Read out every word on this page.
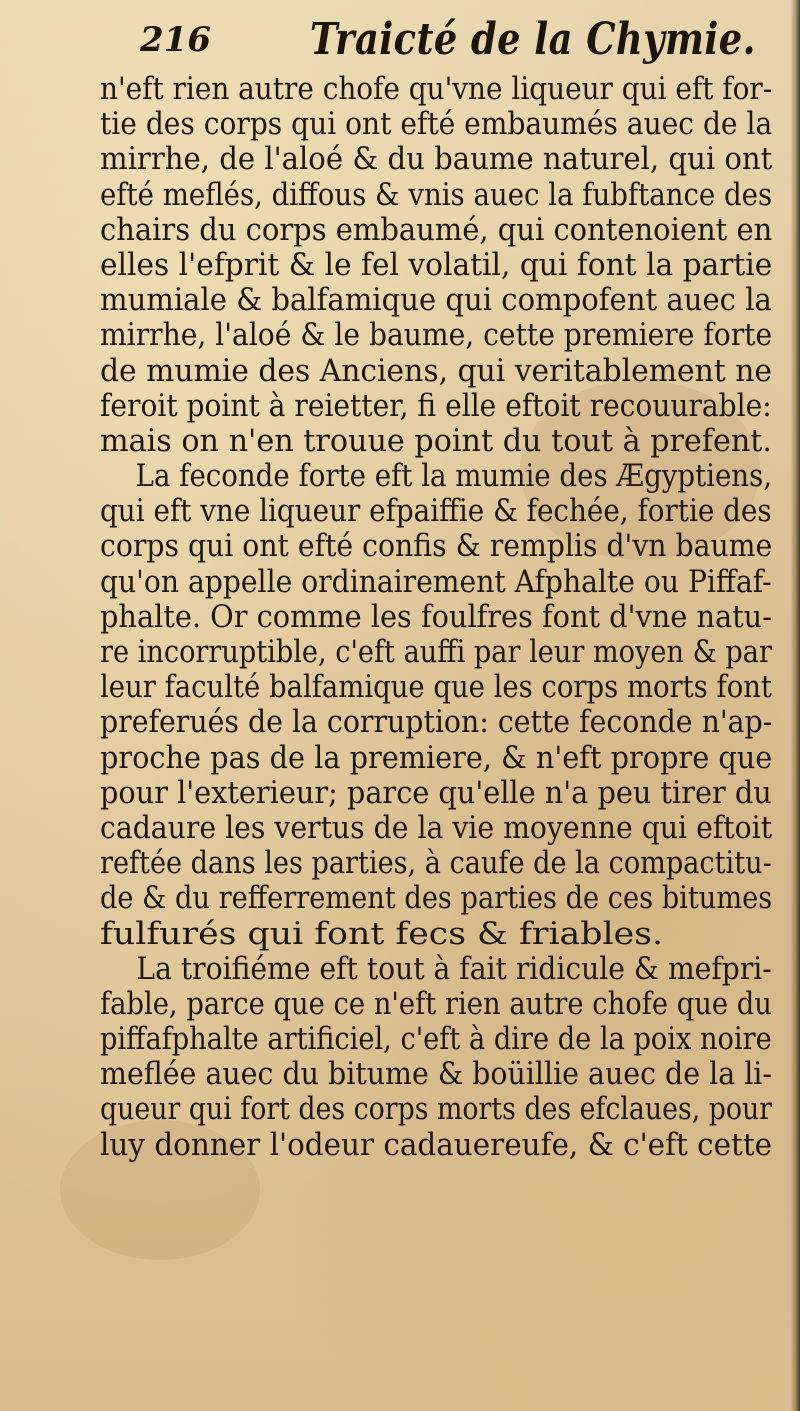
216 Traicté de la Chymie.
n'eft rien autre chofe qu'vne liqueur qui eft for-
tie des corps qui ont efté embaumés auec de la
mirrhe, de l'aloé & du baume naturel, qui ont
efté meflés, diffous & vnis auec la fubftance des
chairs du corps embaumé, qui contenoient en
elles l'efprit & le fel volatil, qui font la partie
mumiale & balfamique qui compofent auec la
mirrhe, l'aloé & le baume, cette premiere forte
de mumie des Anciens, qui veritablement ne
feroit point à reietter, fi elle eftoit recouurable:
mais on n'en trouue point du tout à prefent.
La feconde forte eft la mumie des Ægyptiens,
qui eft vne liqueur efpaiffie & fechée, fortie des
corps qui ont efté confis & remplis d'vn baume
qu'on appelle ordinairement Afphalte ou Piffaf-
phalte. Or comme les foulfres font d'vne natu-
re incorruptible, c'eft auffi par leur moyen & par
leur faculté balfamique que les corps morts font
preferués de la corruption: cette feconde n'ap-
proche pas de la premiere, & n'eft propre que
pour l'exterieur; parce qu'elle n'a peu tirer du
cadaure les vertus de la vie moyenne qui eftoit
reftée dans les parties, à caufe de la compactitu-
de & du refferrement des parties de ces bitumes
fulfurés qui font fecs & friables.
La troifiéme eft tout à fait ridicule & mefpri-
fable, parce que ce n'eft rien autre chofe que du
piffafphalte artificiel, c'eft à dire de la poix noire
meflée auec du bitume & boüillie auec de la li-
queur qui fort des corps morts des efclaues, pour
luy donner l'odeur cadauereufe, & c'eft cette
